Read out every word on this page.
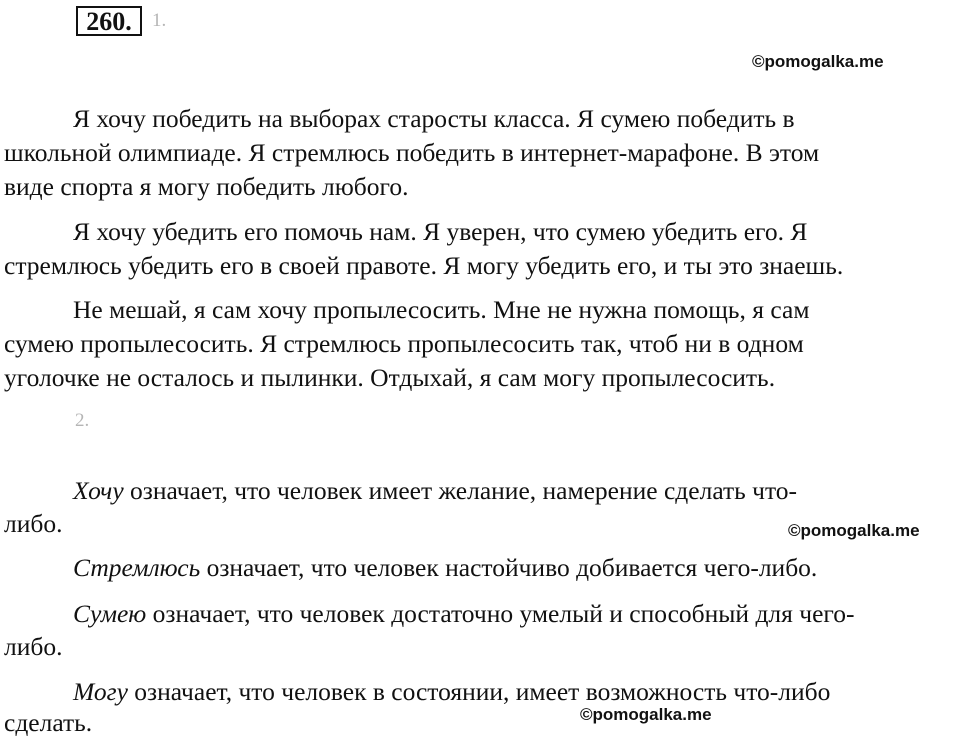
260.	1.
©pomogalka.me
Я хочу победить на выборах старосты класса. Я сумею победить в
школьной олимпиаде. Я стремлюсь победить в интернет-марафоне. В этом
виде спорта я могу победить любого.
Я хочу убедить его помочь нам. Я уверен, что сумею убедить его. Я
стремлюсь убедить его в своей правоте. Я могу убедить его, и ты это знаешь.
Не мешай, я сам хочу пропылесосить. Мне не нужна помощь, я сам
сумею пропылесосить. Я стремлюсь пропылесосить так, чтоб ни в одном
уголочке не осталось и пылинки. Отдыхай, я сам могу пропылесосить.
2.
Хочу означает, что человек имеет желание, намерение сделать что-
либо.	©pomogalka.me
Стремлюсь означает, что человек настойчиво добивается чего-либо.
Сумею означает, что человек достаточно умелый и способный для чего-
либо.
Могу означает, что человек в состоянии, имеет возможность что-либо
сделать.	©pomogalka.me
